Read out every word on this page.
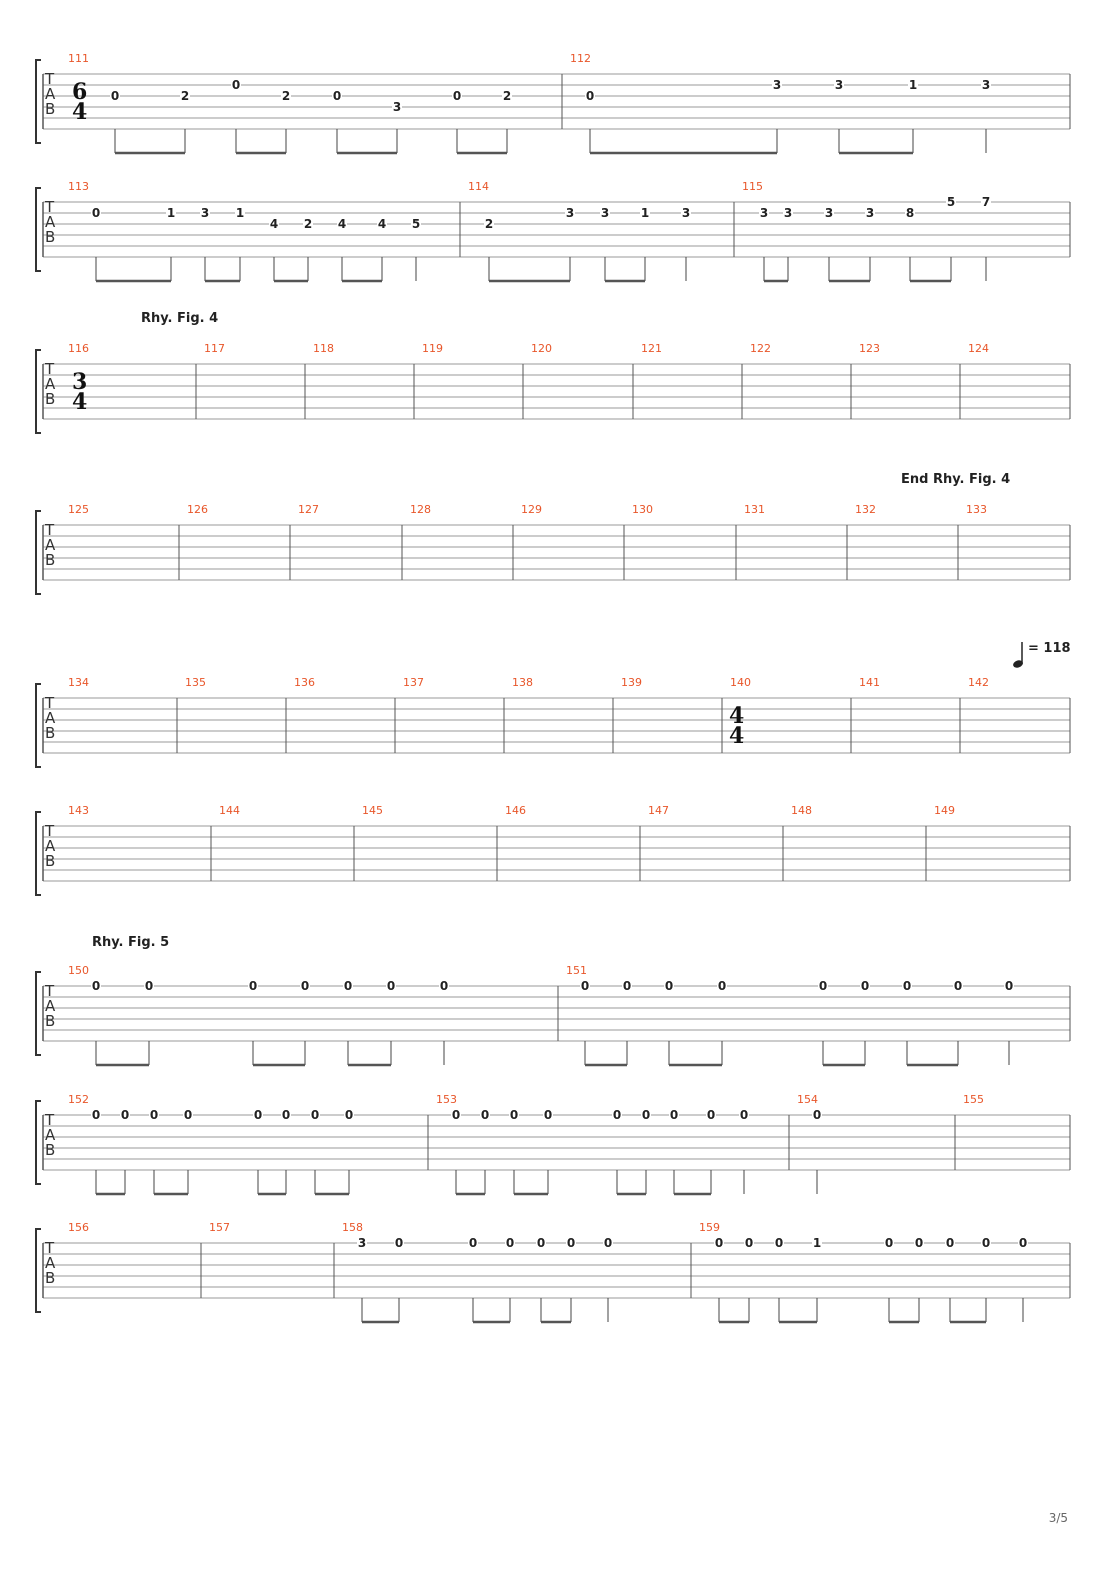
Rhy. Fig. 4
End Rhy. Fig. 4
Rhy. Fig. 5
= 118
T
A
B
6
4
111
0	2
0
2	0
3
0	2
112
0
3	3	1	3
T
A
B
113
0	1 3 1
4 2 4	4 5
114
2
3 3	1	3
115
3 3	3	3	8
5 7
T
A
B
3
4
116	117	118	119	120	121	122	123	124
T
A
B
125	126	127	128	129	130	131	132	133
T
A
B
134	135	136	137	138	139	140
4
4
141	142
T
A
B
143	144	145	146	147	148	149
T
A
B
150
0	0	0	0	0	0	0
151
0	0	0	0	0	0	0	0	0
T
A
B
152
0 0 0 0	0 0 0 0
153
0 0 0 0	0 0 0 0 0
154
0
155
T
A
B
156	157	158
3 0	0 0 0 0 0
159
0 0 0 1	0 0 0 0 0
3/5
